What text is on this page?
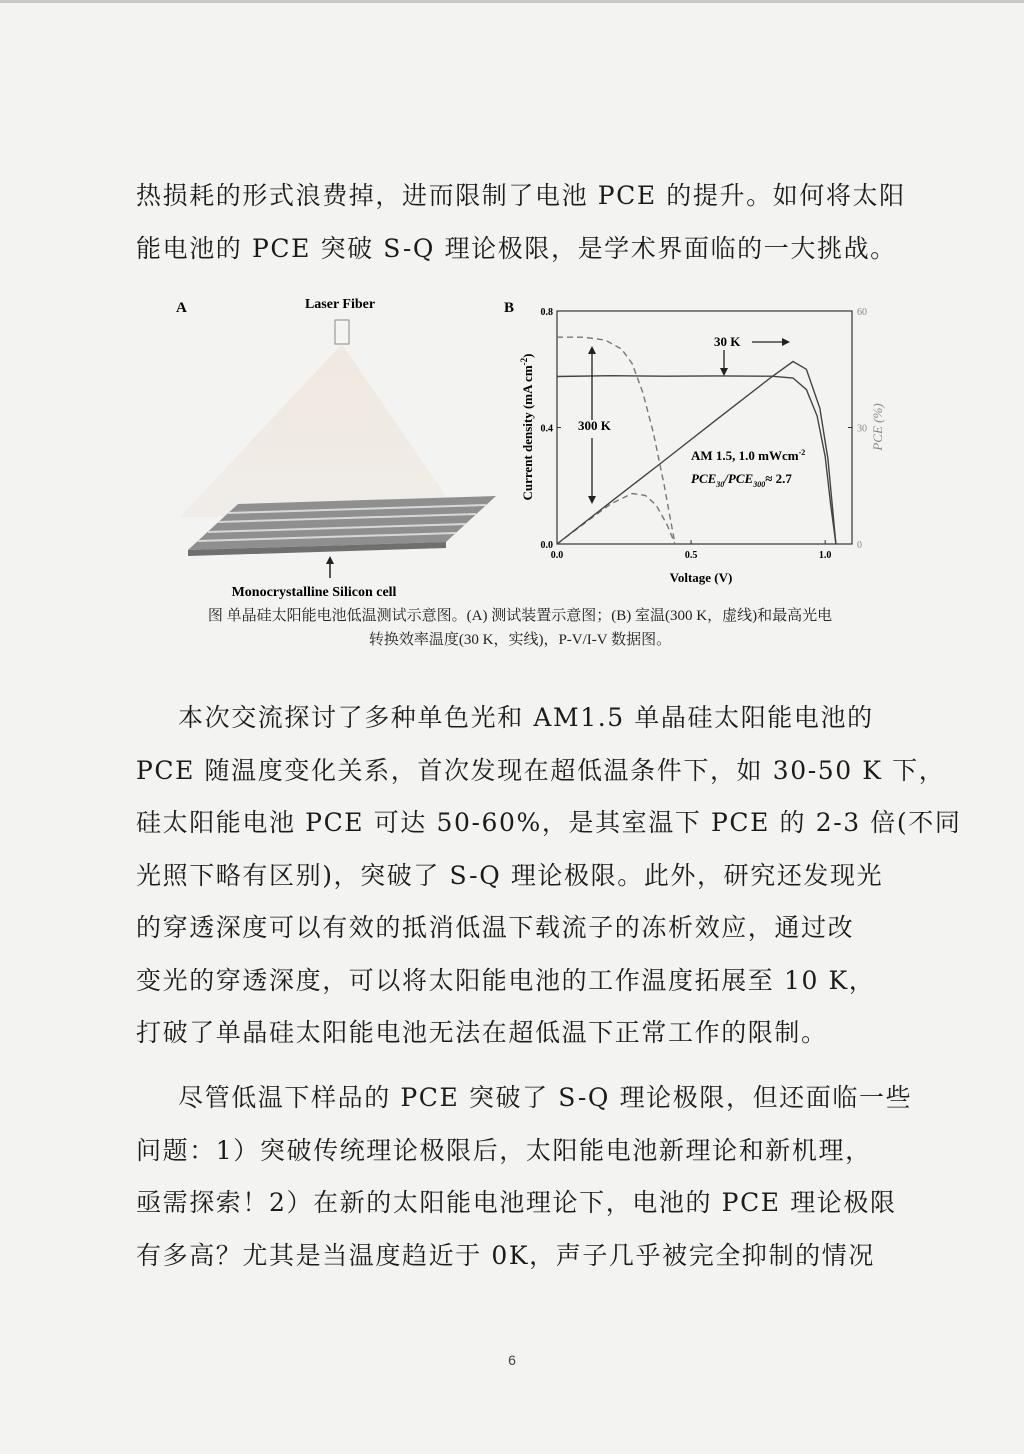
热损耗的形式浪费掉，进而限制了电池 PCE 的提升。如何将太阳
能电池的 PCE 突破 S-Q 理论极限，是学术界面临的一大挑战。

A	Laser Fiber
Monocrystalline Silicon cell
B
0.0	0.5	1.0
0.0
0.4
0.8
0
30
60
Voltage (V)
Current density (mA $cm^{-2}$)
PCE (%)
30 K
300 K
AM 1.5, 1.0 mWcm$^{-2}$
$PCE_{30}/PCE_{300}\approx 2.7$
图 单晶硅太阳能电池低温测试示意图。(A) 测试装置示意图；(B) 室温(300 K，虚线)和最高光电
转换效率温度(30 K，实线)，P-V/I-V 数据图。

本次交流探讨了多种单色光和 AM1.5 单晶硅太阳能电池的
PCE 随温度变化关系，首次发现在超低温条件下，如 30-50 K 下，
硅太阳能电池 PCE 可达 50-60%，是其室温下 PCE 的 2-3 倍(不同
光照下略有区别)，突破了 S-Q 理论极限。此外，研究还发现光
的穿透深度可以有效的抵消低温下载流子的冻析效应，通过改
变光的穿透深度，可以将太阳能电池的工作温度拓展至 10 K，
打破了单晶硅太阳能电池无法在超低温下正常工作的限制。

尽管低温下样品的 PCE 突破了 S-Q 理论极限，但还面临一些
问题：1）突破传统理论极限后，太阳能电池新理论和新机理，
亟需探索！2）在新的太阳能电池理论下，电池的 PCE 理论极限
有多高？尤其是当温度趋近于 0K，声子几乎被完全抑制的情况

6
